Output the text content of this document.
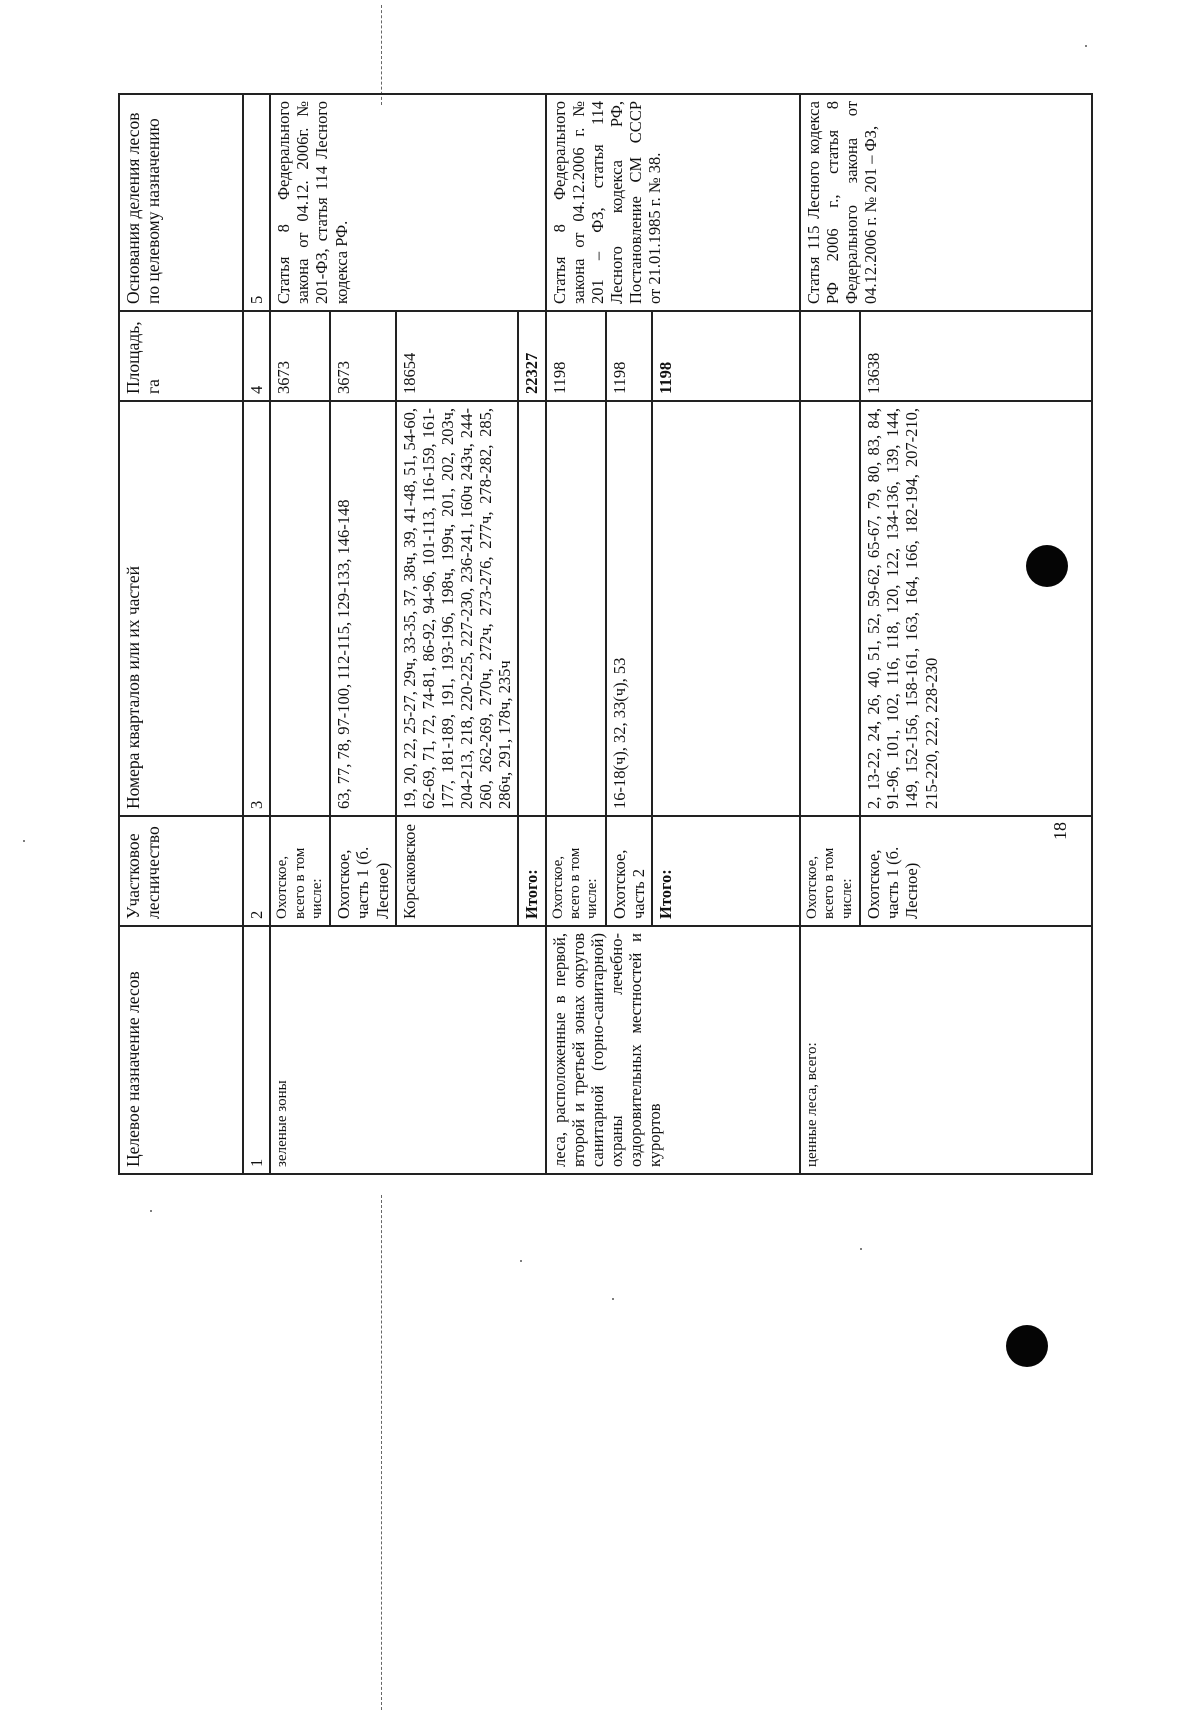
18
Целевое назначение лесов	Участковое лесничество	Номера кварталов или их частей	Площадь, га	Основания деления лесов по целевому назначению
1	2	3	4	5
зеленые зоны	Охотское, всего в том числе:		3673	Статья 8 Федерального закона от 04.12. 2006г. № 201-ФЗ, статья 114 Лесного кодекса РФ.
	Охотское, часть 1 (б. Лесное)	63, 77, 78, 97-100, 112-115, 129-133, 146-148	3673	
	Корсаковское	19, 20, 22, 25-27, 29ч, 33-35, 37, 38ч, 39, 41-48, 51, 54-60, 62-69, 71, 72, 74-81, 86-92, 94-96, 101-113, 116-159, 161-177, 181-189, 191, 193-196, 198ч, 199ч, 201, 202, 203ч, 204-213, 218, 220-225, 227-230, 236-241, 160ч 243ч, 244-260, 262-269, 270ч, 272ч, 273-276, 277ч, 278-282, 285, 286ч, 291, 178ч, 235ч	18654	
	Итого:		22327	
леса, расположенные в первой, второй и третьей зонах округов санитарной (горно-санитарной) охраны лечебно-оздоровительных местностей и курортов	Охотское, всего в том числе:		1198	Статья 8 Федерального закона от 04.12.2006 г. № 201 – ФЗ, статья 114 Лесного кодекса РФ, Постановление СМ СССР от 21.01.1985 г. № 38.
	Охотское, часть 2	16-18(ч), 32, 33(ч), 53	1198	
	Итого:		1198	
ценные леса, всего:	Охотское, всего в том числе:			Статья 115 Лесного кодекса РФ 2006 г., статья 8 Федерального закона от 04.12.2006 г. № 201 – ФЗ,
	Охотское, часть 1 (б. Лесное)	2, 13-22, 24, 26, 40, 51, 52, 59-62, 65-67, 79, 80, 83, 84, 91-96, 101, 102, 116, 118, 120, 122, 134-136, 139, 144, 149, 152-156, 158-161, 163, 164, 166, 182-194, 207-210, 215-220, 222, 228-230	13638	
